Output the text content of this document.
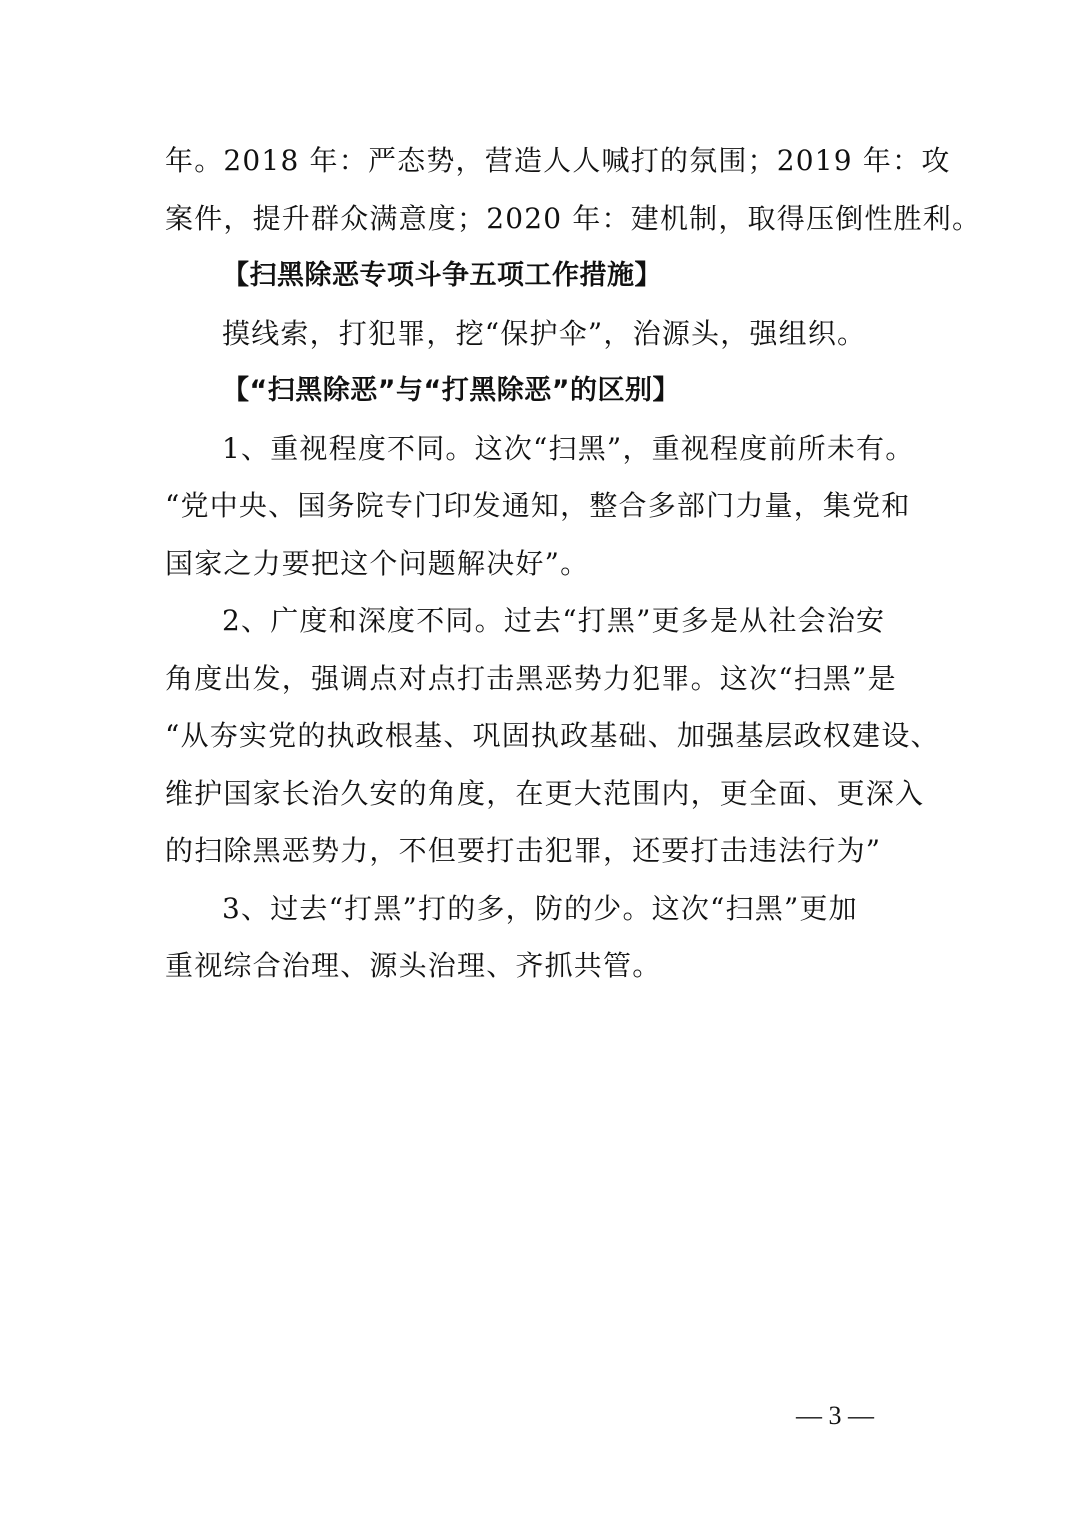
年。2018 年：严态势，营造人人喊打的氛围；2019 年：攻
案件，提升群众满意度；2020 年：建机制，取得压倒性胜利。
【扫黑除恶专项斗争五项工作措施】
摸线索，打犯罪，挖“保护伞”，治源头，强组织。
【“扫黑除恶”与“打黑除恶”的区别】
1、重视程度不同。这次“扫黑”，重视程度前所未有。
“党中央、国务院专门印发通知，整合多部门力量，集党和
国家之力要把这个问题解决好”。
2、广度和深度不同。过去“打黑”更多是从社会治安
角度出发，强调点对点打击黑恶势力犯罪。这次“扫黑”是
“从夯实党的执政根基、巩固执政基础、加强基层政权建设、
维护国家长治久安的角度，在更大范围内，更全面、更深入
的扫除黑恶势力，不但要打击犯罪，还要打击违法行为”
3、过去“打黑”打的多，防的少。这次“扫黑”更加
重视综合治理、源头治理、齐抓共管。
— 3 —
